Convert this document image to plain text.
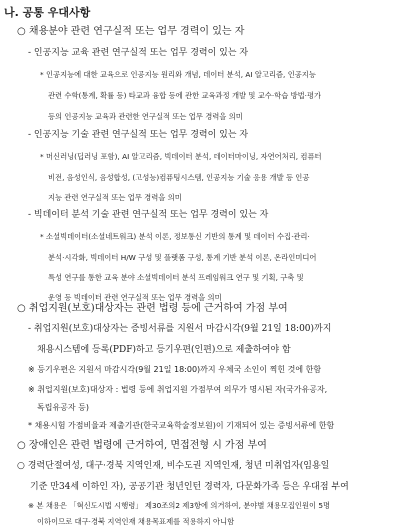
나. 공통 우대사항
○ 채용분야 관련 연구실적 또는 업무 경력이 있는 자
- 인공지능 교육 관련 연구실적 또는 업무 경력이 있는 자
* 인공지능에 대한 교육으로 인공지능 원리와 개념, 데이터 분석, AI 알고리즘, 인공지능
관련 수학(통계, 확률 등) 타교과 융합 등에 관한 교육과정 개발 및 교수·학습 방법·평가
등의 인공지능 교육과 관련한 연구실적 또는 업무 경력을 의미
- 인공지능 기술 관련 연구실적 또는 업무 경력이 있는 자
* 머신러닝(딥러닝 포함), AI 알고리즘, 빅데이터 분석, 데이터마이닝, 자연어처리, 컴퓨터
비전, 음성인식, 음성합성, (고성능)컴퓨팅시스템, 인공지능 기술 응용 개발 등 인공
지능 관련 연구실적 또는 업무 경력을 의미
- 빅데이터 분석 기술 관련 연구실적 또는 업무 경력이 있는 자
* 소셜빅데이터(소셜네트워크) 분석 이론, 정보통신 기반의 통계 및 데이터 수집·관리·
분석·시각화, 빅데이터 H/W 구성 및 플랫폼 구성, 통계 기반 분석 이론, 온라인미디어
특성 연구를 통한 교육 분야 소셜빅데이터 분석 프레임워크 연구 및 기획, 구축 및
운영 등 빅데이터 관련 연구실적 또는 업무 경력을 의미
○ 취업지원(보호)대상자는 관련 법령 등에 근거하여 가점 부여
- 취업지원(보호)대상자는 증빙서류를 지원서 마감시각(9월 21일 18:00)까지
채용시스템에 등록(PDF)하고 등기우편(인편)으로 제출하여야 함
※ 등기우편은 지원서 마감시각(9월 21일 18:00)까지 우체국 소인이 찍힌 것에 한함
※ 취업지원(보호)대상자 : 법령 등에 취업지원 가점부여 의무가 명시된 자(국가유공자,
독립유공자 등)
* 채용시험 가점비율과 제출기관(한국교육학술정보원)이 기재되어 있는 증빙서류에 한함
○ 장애인은 관련 법령에 근거하여, 면접전형 시 가점 부여
○ 경력단절여성, 대구·경북 지역인재, 비수도권 지역인재, 청년 미취업자(임용일
기준 만34세 이하인 자), 공공기관 청년인턴 경력자, 다문화가족 등은 우대점 부여
※ 본 채용은 「혁신도시법 시행령」 제30조의2 제3항에 의거하여, 분야별 채용모집인원이 5명
이하이므로 대구·경북 지역인재 채용목표제를 적용하지 아니함
